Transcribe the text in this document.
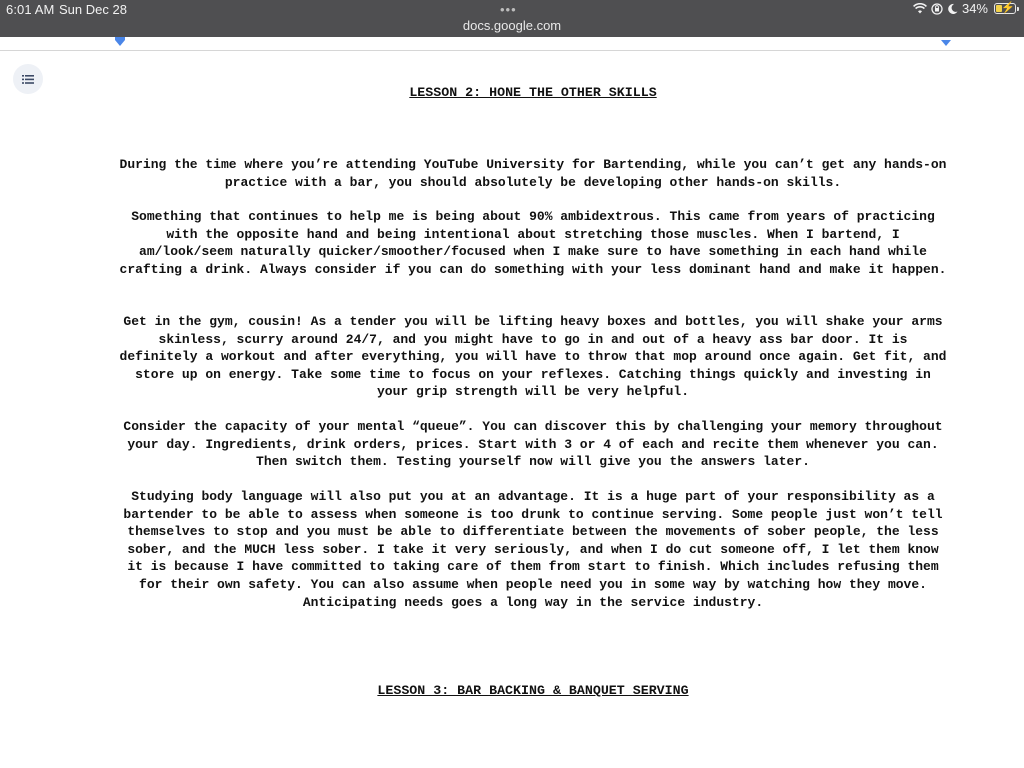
6:01 AM Sun Dec 28	•••
docs.google.com
34% ⚡
LESSON 2: HONE THE OTHER SKILLS

During the time where you’re attending YouTube University for Bartending, while you can’t get any hands-on practice with a bar, you should absolutely be developing other hands-on skills.

Something that continues to help me is being about 90% ambidextrous. This came from years of practicing with the opposite hand and being intentional about stretching those muscles. When I bartend, I am/look/seem naturally quicker/smoother/focused when I make sure to have something in each hand while crafting a drink. Always consider if you can do something with your less dominant hand and make it happen.

Get in the gym, cousin! As a tender you will be lifting heavy boxes and bottles, you will shake your arms skinless, scurry around 24/7, and you might have to go in and out of a heavy ass bar door. It is definitely a workout and after everything, you will have to throw that mop around once again. Get fit, and store up on energy. Take some time to focus on your reflexes. Catching things quickly and investing in your grip strength will be very helpful.

Consider the capacity of your mental “queue”. You can discover this by challenging your memory throughout your day. Ingredients, drink orders, prices. Start with 3 or 4 of each and recite them whenever you can. Then switch them. Testing yourself now will give you the answers later.

Studying body language will also put you at an advantage. It is a huge part of your responsibility as a bartender to be able to assess when someone is too drunk to continue serving. Some people just won’t tell themselves to stop and you must be able to differentiate between the movements of sober people, the less sober, and the MUCH less sober. I take it very seriously, and when I do cut someone off, I let them know it is because I have committed to taking care of them from start to finish. Which includes refusing them for their own safety. You can also assume when people need you in some way by watching how they move. Anticipating needs goes a long way in the service industry.

LESSON 3: BAR BACKING & BANQUET SERVING
